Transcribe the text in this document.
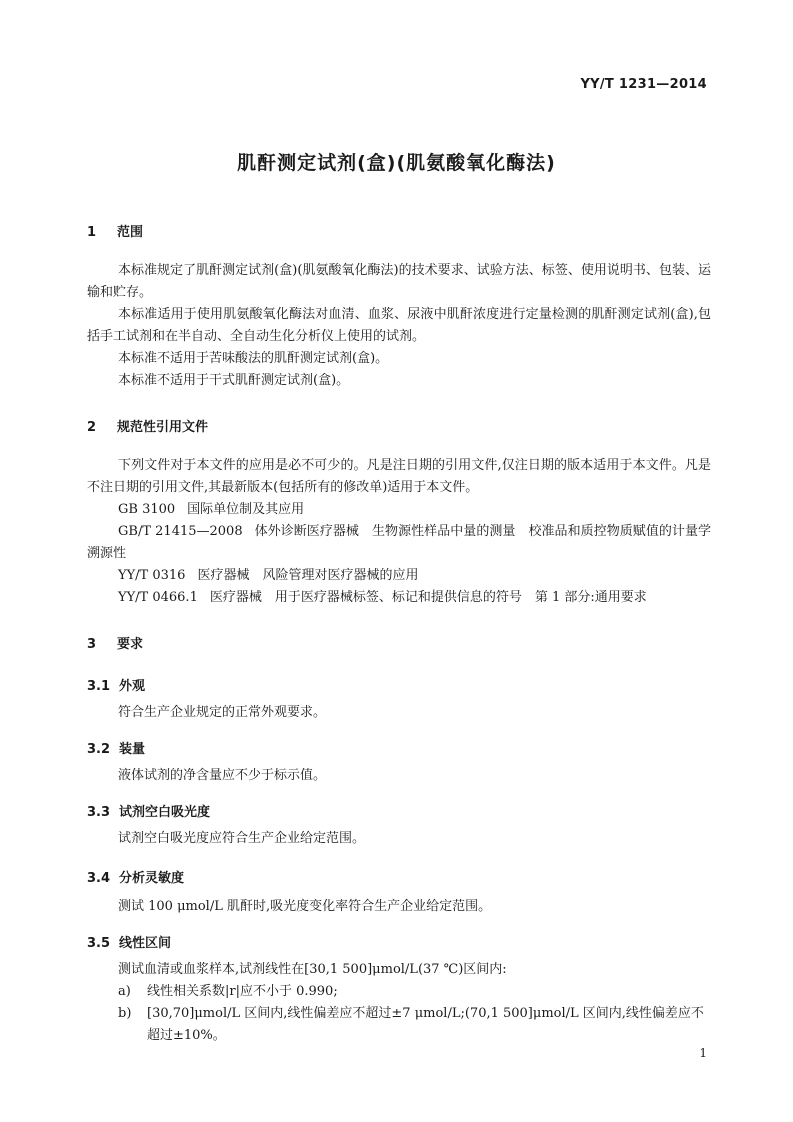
YY/T 1231—2014
肌酐测定试剂(盒)(肌氨酸氧化酶法)
1 范围
本标准规定了肌酐测定试剂(盒)(肌氨酸氧化酶法)的技术要求、试验方法、标签、使用说明书、包装、运输和贮存。
本标准适用于使用肌氨酸氧化酶法对血清、血浆、尿液中肌酐浓度进行定量检测的肌酐测定试剂(盒),包括手工试剂和在半自动、全自动生化分析仪上使用的试剂。
本标准不适用于苦味酸法的肌酐测定试剂(盒)。
本标准不适用于干式肌酐测定试剂(盒)。
2 规范性引用文件
下列文件对于本文件的应用是必不可少的。凡是注日期的引用文件,仅注日期的版本适用于本文件。凡是不注日期的引用文件,其最新版本(包括所有的修改单)适用于本文件。
GB 3100 国际单位制及其应用
GB/T 21415—2008 体外诊断医疗器械　生物源性样品中量的测量　校准品和质控物质赋值的计量学溯源性
YY/T 0316 医疗器械　风险管理对医疗器械的应用
YY/T 0466.1 医疗器械　用于医疗器械标签、标记和提供信息的符号　第 1 部分:通用要求
3 要求
3.1 外观
符合生产企业规定的正常外观要求。
3.2 装量
液体试剂的净含量应不少于标示值。
3.3 试剂空白吸光度
试剂空白吸光度应符合生产企业给定范围。
3.4 分析灵敏度
测试 100 μmol/L 肌酐时,吸光度变化率符合生产企业给定范围。
3.5 线性区间
测试血清或血浆样本,试剂线性在[30,1 500]μmol/L(37 ℃)区间内:
a)	线性相关系数|r|应不小于 0.990;
b)	[30,70]μmol/L 区间内,线性偏差应不超过±7 μmol/L;(70,1 500]μmol/L 区间内,线性偏差应不超过±10%。
1
